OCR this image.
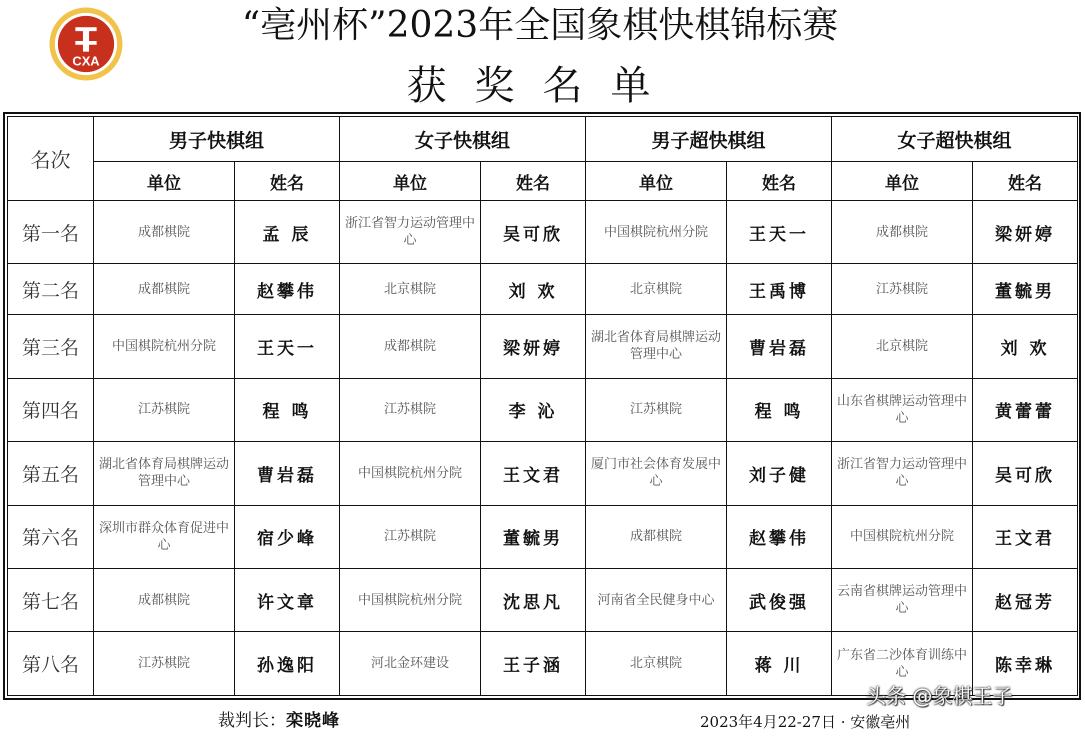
CXA
“亳州杯”2023年全国象棋快棋锦标赛
获奖名单
名次	男子快棋组		女子快棋组		男子超快棋组		女子超快棋组	
	单位	姓名	单位	姓名	单位	姓名	单位	姓名
第一名	成都棋院	孟 辰	浙江省智力运动管理中心	吴可欣	中国棋院杭州分院	王天一	成都棋院	梁妍婷
第二名	成都棋院	赵攀伟	北京棋院	刘 欢	北京棋院	王禹博	江苏棋院	董毓男
第三名	中国棋院杭州分院	王天一	成都棋院	梁妍婷	湖北省体育局棋牌运动管理中心	曹岩磊	北京棋院	刘 欢
第四名	江苏棋院	程 鸣	江苏棋院	李 沁	江苏棋院	程 鸣	山东省棋牌运动管理中心	黄蕾蕾
第五名	湖北省体育局棋牌运动管理中心	曹岩磊	中国棋院杭州分院	王文君	厦门市社会体育发展中心	刘子健	浙江省智力运动管理中心	吴可欣
第六名	深圳市群众体育促进中心	宿少峰	江苏棋院	董毓男	成都棋院	赵攀伟	中国棋院杭州分院	王文君
第七名	成都棋院	许文章	中国棋院杭州分院	沈思凡	河南省全民健身中心	武俊强	云南省棋牌运动管理中心	赵冠芳
第八名	江苏棋院	孙逸阳	河北金环建设	王子涵	北京棋院	蒋 川	广东省二沙体育训练中心	陈幸琳
裁判长：栾晓峰	2023年4月22-27日 · 安徽亳州
头条 @象棋王子
